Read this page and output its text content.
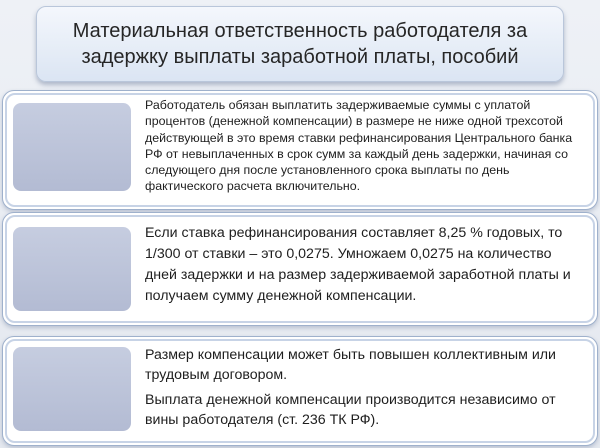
Материальная ответственность работодателя за
задержку выплаты заработной платы, пособий

Работодатель обязан выплатить задерживаемые суммы с уплатой процентов (денежной компенсации) в размере не ниже одной трехсотой действующей в это время ставки рефинансирования Центрального банка РФ от невыплаченных в срок сумм за каждый день задержки, начиная со следующего дня после установленного срока выплаты по день фактического расчета включительно.

Если ставка рефинансирования составляет 8,25 % годовых, то 1/300 от ставки – это 0,0275. Умножаем 0,0275 на количество дней задержки и на размер задерживаемой заработной платы и получаем сумму денежной компенсации.

Размер компенсации может быть повышен коллективным или трудовым договором.

Выплата денежной компенсации производится независимо от вины работодателя (ст. 236 ТК РФ).
